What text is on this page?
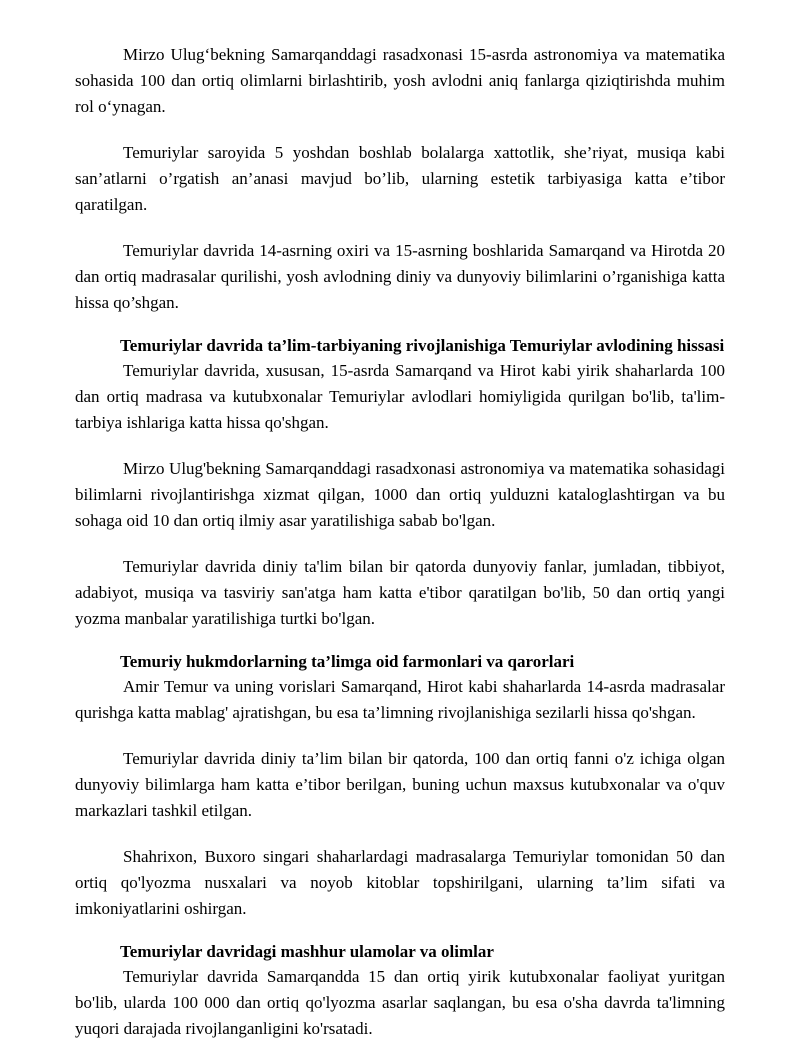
Mirzo Ulug‘bekning Samarqanddagi rasadxonasi 15-asrda astronomiya va matematika sohasida 100 dan ortiq olimlarni birlashtirib, yosh avlodni aniq fanlarga qiziqtirishda muhim rol o‘ynagan.

Temuriylar saroyida 5 yoshdan boshlab bolalarga xattotlik, she’riyat, musiqa kabi san’atlarni o’rgatish an’anasi mavjud bo’lib, ularning estetik tarbiyasiga katta e’tibor qaratilgan.

Temuriylar davrida 14-asrning oxiri va 15-asrning boshlarida Samarqand va Hirotda 20 dan ortiq madrasalar qurilishi, yosh avlodning diniy va dunyoviy bilimlarini o’rganishiga katta hissa qo’shgan.

Temuriylar davrida ta’lim-tarbiyaning rivojlanishiga Temuriylar avlodining hissasi

Temuriylar davrida, xususan, 15-asrda Samarqand va Hirot kabi yirik shaharlarda 100 dan ortiq madrasa va kutubxonalar Temuriylar avlodlari homiyligida qurilgan bo'lib, ta'lim-tarbiya ishlariga katta hissa qo'shgan.

Mirzo Ulug'bekning Samarqanddagi rasadxonasi astronomiya va matematika sohasidagi bilimlarni rivojlantirishga xizmat qilgan, 1000 dan ortiq yulduzni kataloglashtirgan va bu sohaga oid 10 dan ortiq ilmiy asar yaratilishiga sabab bo'lgan.

Temuriylar davrida diniy ta'lim bilan bir qatorda dunyoviy fanlar, jumladan, tibbiyot, adabiyot, musiqa va tasviriy san'atga ham katta e'tibor qaratilgan bo'lib, 50 dan ortiq yangi yozma manbalar yaratilishiga turtki bo'lgan.

Temuriy hukmdorlarning ta’limga oid farmonlari va qarorlari

Amir Temur va uning vorislari Samarqand, Hirot kabi shaharlarda 14-asrda madrasalar qurishga katta mablag' ajratishgan, bu esa ta’limning rivojlanishiga sezilarli hissa qo'shgan.

Temuriylar davrida diniy ta’lim bilan bir qatorda, 100 dan ortiq fanni o'z ichiga olgan dunyoviy bilimlarga ham katta e’tibor berilgan, buning uchun maxsus kutubxonalar va o'quv markazlari tashkil etilgan.

Shahrixon, Buxoro singari shaharlardagi madrasalarga Temuriylar tomonidan 50 dan ortiq qo'lyozma nusxalari va noyob kitoblar topshirilgani, ularning ta’lim sifati va imkoniyatlarini oshirgan.

Temuriylar davridagi mashhur ulamolar va olimlar

Temuriylar davrida Samarqandda 15 dan ortiq yirik kutubxonalar faoliyat yuritgan bo'lib, ularda 100 000 dan ortiq qo'lyozma asarlar saqlangan, bu esa o'sha davrda ta'limning yuqori darajada rivojlanganligini ko'rsatadi.
